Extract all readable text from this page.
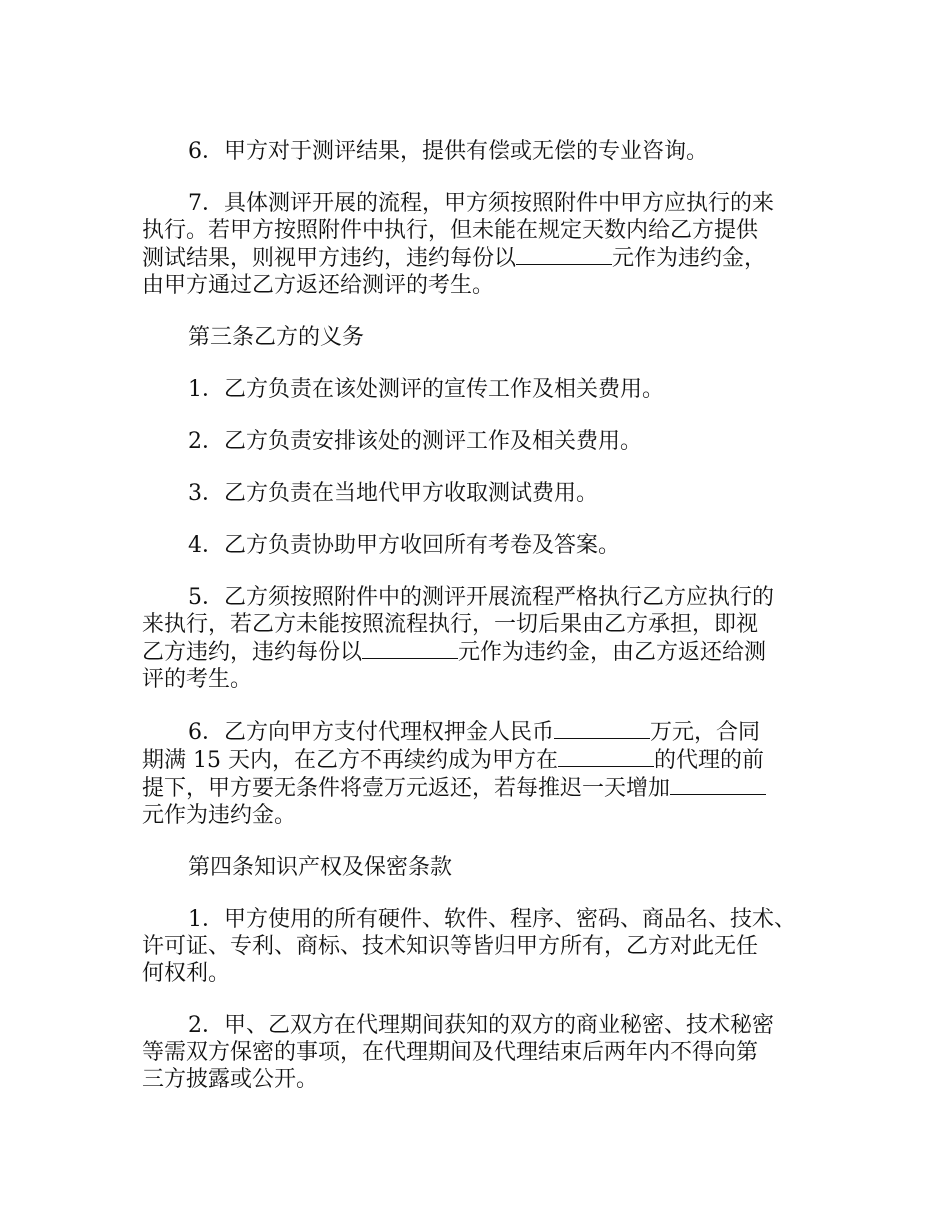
6．甲方对于测评结果，提供有偿或无偿的专业咨询。
7．具体测评开展的流程，甲方须按照附件中甲方应执行的来
执行。若甲方按照附件中执行，但未能在规定天数内给乙方提供
测试结果，则视甲方违约，违约每份以	元作为违约金，
由甲方通过乙方返还给测评的考生。
第三条乙方的义务
1．乙方负责在该处测评的宣传工作及相关费用。
2．乙方负责安排该处的测评工作及相关费用。
3．乙方负责在当地代甲方收取测试费用。
4．乙方负责协助甲方收回所有考卷及答案。
5．乙方须按照附件中的测评开展流程严格执行乙方应执行的
来执行，若乙方未能按照流程执行，一切后果由乙方承担，即视
乙方违约，违约每份以	元作为违约金，由乙方返还给测
评的考生。
6．乙方向甲方支付代理权押金人民币	万元，合同
期满 15 天内，在乙方不再续约成为甲方在	的代理的前
提下，甲方要无条件将壹万元返还，若每推迟一天增加
元作为违约金。
第四条知识产权及保密条款
1．甲方使用的所有硬件、软件、程序、密码、商品名、技术、
许可证、专利、商标、技术知识等皆归甲方所有，乙方对此无任
何权利。
2．甲、乙双方在代理期间获知的双方的商业秘密、技术秘密
等需双方保密的事项，在代理期间及代理结束后两年内不得向第
三方披露或公开。
